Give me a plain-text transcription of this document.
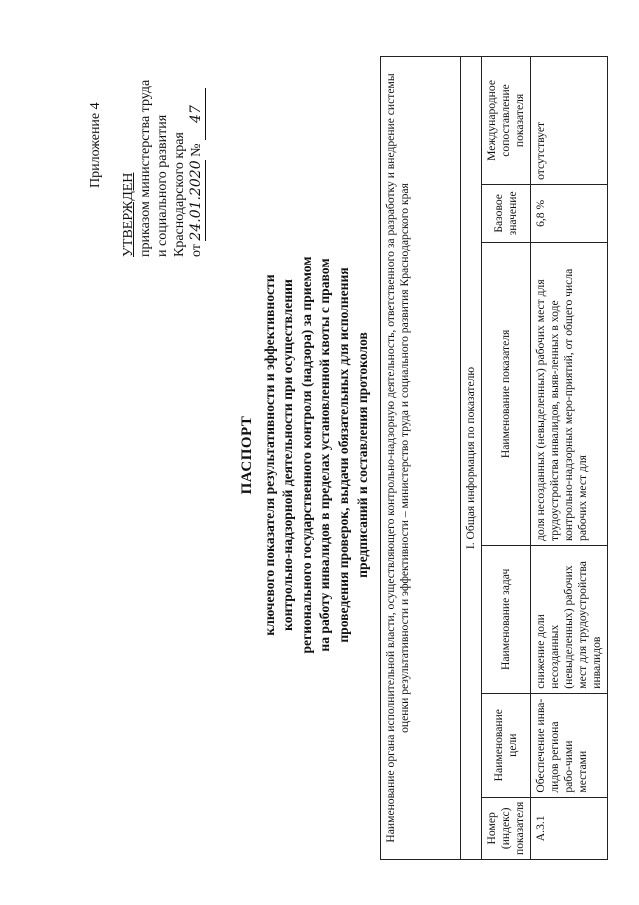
Приложение 4
УТВЕРЖДЕН приказом министерства труда и социального развития Краснодарского края от 24.01.2020 № 47
ПАСПОРТ ключевого показателя результативности и эффективности контрольно-надзорной деятельности при осуществлении регионального государственного контроля (надзора) за приемом на работу инвалидов в пределах установленной квоты с правом проведения проверок, выдачи обязательных для исполнения предписаний и составления протоколов Наименование органа исполнительной власти, осуществляющего контрольно-надзорную деятельность, ответственного за разработку и внедрение системы оценки результативности и эффективности – министерство труда и социального развития Краснодарского края					
I. Общая информация по показателю					
Номер (индекс) показателя	Наименование цели	Наименование задач	Наименование показателя	Базовое значение	Международное сопоставление показателя
А.3.1	Обеспечение инва-лидов региона рабо-чими местами	снижение доли несозданных (невыделенных) рабочих мест для трудоустройства инвалидов	доля несозданных (невыделенных) рабочих мест для трудоустройства инвалидов, выяв-ленных в ходе контрольно-надзорных меро-приятий, от общего числа рабочих мест для	6,8 %	отсутствует
